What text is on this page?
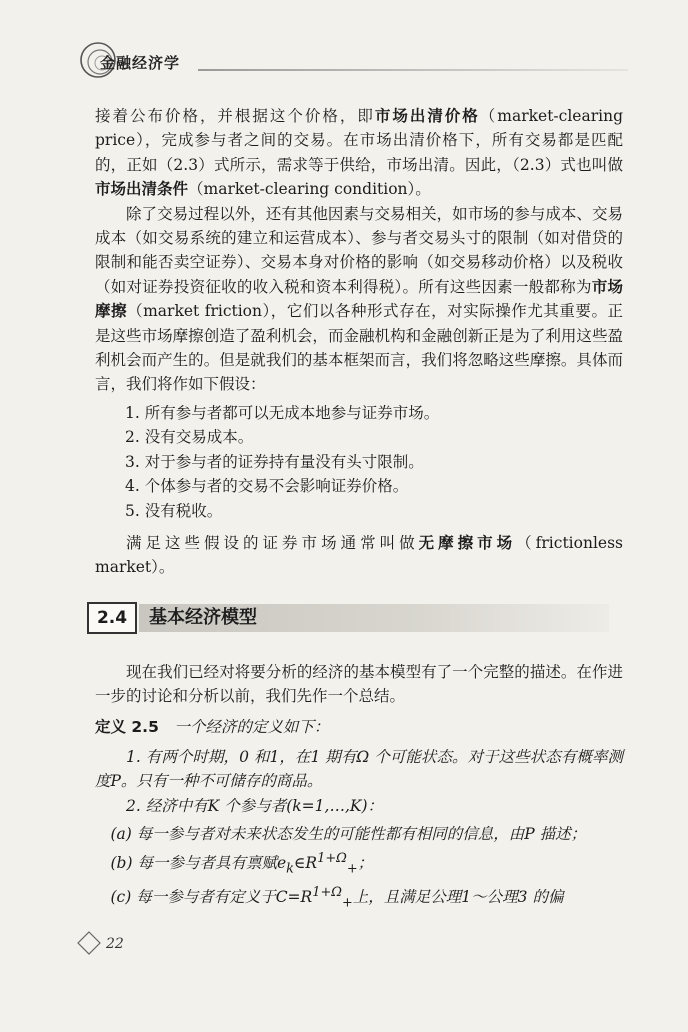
金融经济学

接着公布价格，并根据这个价格，即市场出清价格（market-clearing price），完成参与者之间的交易。在市场出清价格下，所有交易都是匹配的，正如（2.3）式所示，需求等于供给，市场出清。因此，（2.3）式也叫做市场出清条件（market-clearing condition）。

除了交易过程以外，还有其他因素与交易相关，如市场的参与成本、交易成本（如交易系统的建立和运营成本）、参与者交易头寸的限制（如对借贷的限制和能否卖空证券）、交易本身对价格的影响（如交易移动价格）以及税收（如对证券投资征收的收入税和资本利得税）。所有这些因素一般都称为市场摩擦（market friction），它们以各种形式存在，对实际操作尤其重要。正是这些市场摩擦创造了盈利机会，而金融机构和金融创新正是为了利用这些盈利机会而产生的。但是就我们的基本框架而言，我们将忽略这些摩擦。具体而言，我们将作如下假设：

1. 所有参与者都可以无成本地参与证券市场。
2. 没有交易成本。
3. 对于参与者的证券持有量没有头寸限制。
4. 个体参与者的交易不会影响证券价格。
5. 没有税收。

满足这些假设的证券市场通常叫做无摩擦市场（frictionless market）。

2.4	基本经济模型

现在我们已经对将要分析的经济的基本模型有了一个完整的描述。在作进一步的讨论和分析以前，我们先作一个总结。

定义 2.5　一个经济的定义如下：

1. 有两个时期，0 和1，在1 期有Ω 个可能状态。对于这些状态有概率测度P。只有一种不可储存的商品。

2. 经济中有K 个参与者(k=1,…,K)：

(a) 每一参与者对未来状态发生的可能性都有相同的信息，由P 描述；

(b) 每一参与者具有禀赋$e_k\in R^{1+\Omega}_+$；

(c) 每一参与者有定义于$C=R^{1+\Omega}_+$上，且满足公理1～公理3 的偏

22
